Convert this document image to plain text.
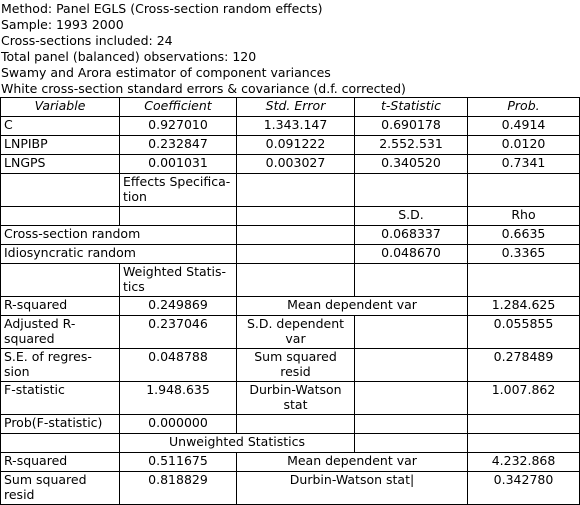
Method: Panel EGLS (Cross-section random effects)
Sample: 1993 2000
Cross-sections included: 24
Total panel (balanced) observations: 120
Swamy and Arora estimator of component variances
White cross-section standard errors & covariance (d.f. corrected)
Variable	Coefficient	Std. Error	t-Statistic	Prob.
C	0.927010	1.343.147	0.690178	0.4914
LNPIBP	0.232847	0.091222	2.552.531	0.0120
LNGPS	0.001031	0.003027	0.340520	0.7341
	Effects Specifica-tion			
			S.D.	Rho
Cross-section random			0.068337	0.6635
Idiosyncratic random			0.048670	0.3365
	Weighted Statis-tics			
R-squared	0.249869	Mean dependent var		1.284.625
Adjusted R-squared	0.237046	S.D. dependent var		0.055855
S.E. of regres-sion	0.048788	Sum squared resid		0.278489
F-statistic	1.948.635	Durbin-Watson stat		1.007.862
Prob(F-statistic)	0.000000			
	Unweighted Statistics			
R-squared	0.511675	Mean dependent var		4.232.868
Sum squared resid	0.818829	Durbin-Watson stat|		0.342780
